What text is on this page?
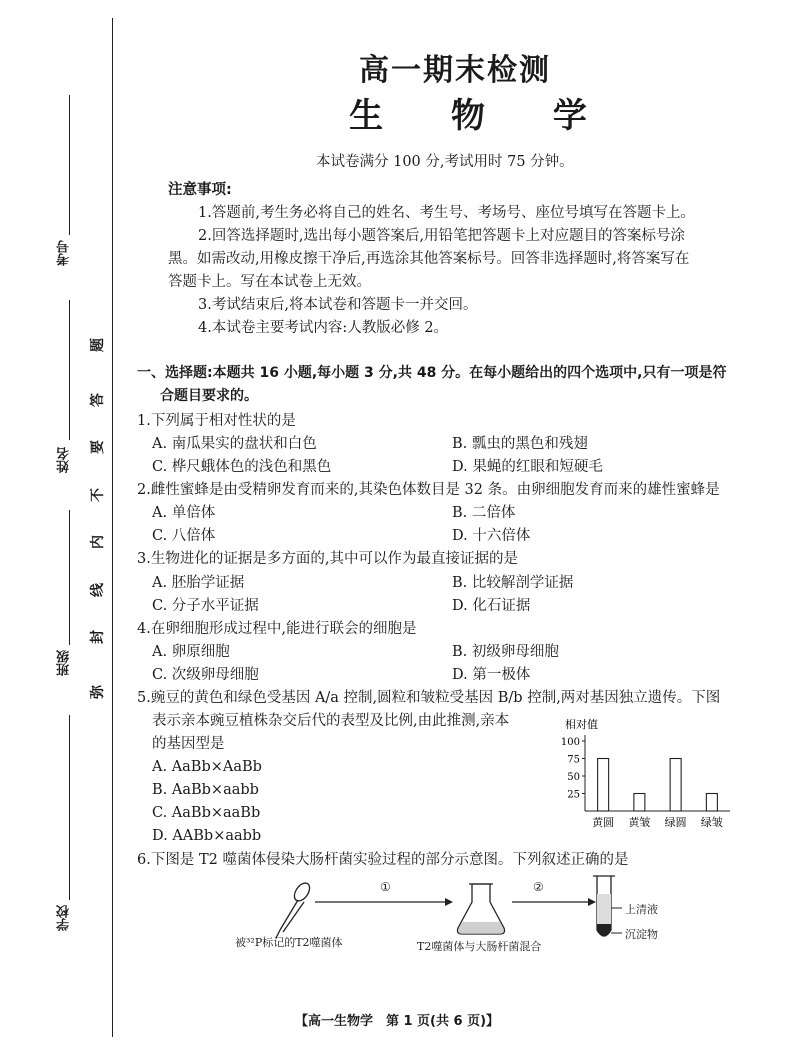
考号
姓名
班级
学校
题
答
要
不
内
线
封
弥
高一期末检测
生 物 学
本试卷满分 100 分,考试用时 75 分钟。
注意事项:
1.答题前,考生务必将自己的姓名、考生号、考场号、座位号填写在答题卡上。
2.回答选择题时,选出每小题答案后,用铅笔把答题卡上对应题目的答案标号涂
黑。如需改动,用橡皮擦干净后,再选涂其他答案标号。回答非选择题时,将答案写在
答题卡上。写在本试卷上无效。
3.考试结束后,将本试卷和答题卡一并交回。
4.本试卷主要考试内容:人教版必修 2。
一、选择题:本题共 16 小题,每小题 3 分,共 48 分。在每小题给出的四个选项中,只有一项是符
合题目要求的。
1.下列属于相对性状的是
A. 南瓜果实的盘状和白色	B. 瓢虫的黑色和残翅
C. 桦尺蛾体色的浅色和黑色	D. 果蝇的红眼和短硬毛
2.雌性蜜蜂是由受精卵发育而来的,其染色体数目是 32 条。由卵细胞发育而来的雄性蜜蜂是
A. 单倍体	B. 二倍体
C. 八倍体	D. 十六倍体
3.生物进化的证据是多方面的,其中可以作为最直接证据的是
A. 胚胎学证据	B. 比较解剖学证据
C. 分子水平证据	D. 化石证据
4.在卵细胞形成过程中,能进行联会的细胞是
A. 卵原细胞	B. 初级卵母细胞
C. 次级卵母细胞	D. 第一极体
5.豌豆的黄色和绿色受基因 A/a 控制,圆粒和皱粒受基因 B/b 控制,两对基因独立遗传。下图
表示亲本豌豆植株杂交后代的表型及比例,由此推测,亲本
的基因型是
A. AaBb×AaBb
B. AaBb×aabb
C. AaBb×aaBb
D. AABb×aabb
相对值
100
75
50
25
黄圆 黄皱 绿圆 绿皱
6.下图是 T2 噬菌体侵染大肠杆菌实验过程的部分示意图。下列叙述正确的是
①	②
被³²P标记的T2噬菌体	T2噬菌体与大肠杆菌混合
上清液
沉淀物
【高一生物学　第 1 页(共 6 页)】
